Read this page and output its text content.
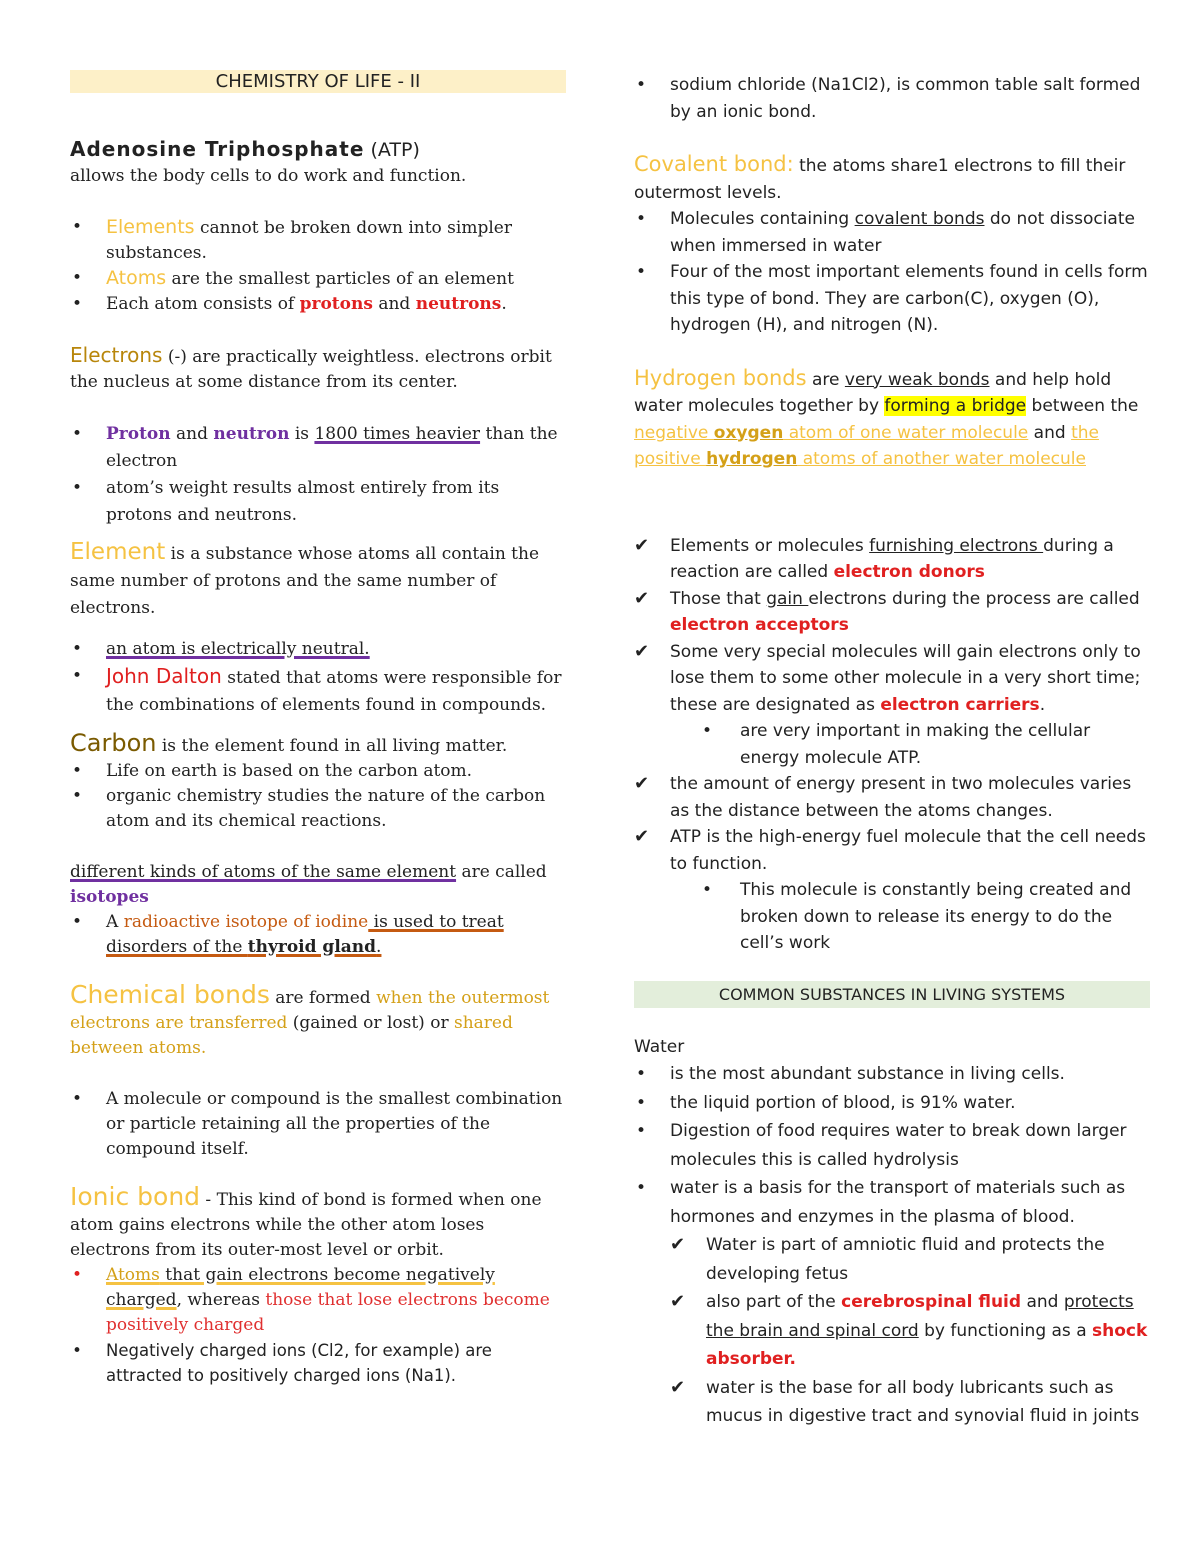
CHEMISTRY OF LIFE - II

Adenosine Triphosphate (ATP)

allows the body cells to do work and function.

• Elements cannot be broken down into simpler substances.
• Atoms are the smallest particles of an element
• Each atom consists of protons and neutrons.

Electrons (-) are practically weightless. electrons orbit the nucleus at some distance from its center.

• Proton and neutron is 1800 times heavier than the electron
• atom’s weight results almost entirely from its protons and neutrons.

Element is a substance whose atoms all contain the same number of protons and the same number of electrons.

• an atom is electrically neutral.
• John Dalton stated that atoms were responsible for the combinations of elements found in compounds.

Carbon is the element found in all living matter.

• Life on earth is based on the carbon atom.
• organic chemistry studies the nature of the carbon atom and its chemical reactions.

different kinds of atoms of the same element are called isotopes

• A radioactive isotope of iodine is used to treat disorders of the thyroid gland.

Chemical bonds are formed when the outermost electrons are transferred (gained or lost) or shared between atoms.

• A molecule or compound is the smallest combination or particle retaining all the properties of the compound itself.

Ionic bond - This kind of bond is formed when one atom gains electrons while the other atom loses electrons from its outer-most level or orbit.

• Atoms that gain electrons become negatively charged, whereas those that lose electrons become positively charged
• Negatively charged ions (Cl2, for example) are attracted to positively charged ions (Na1).
• sodium chloride (Na1Cl2), is common table salt formed by an ionic bond.

Covalent bond: the atoms share1 electrons to fill their outermost levels.

• Molecules containing covalent bonds do not dissociate when immersed in water
• Four of the most important elements found in cells form this type of bond. They are carbon(C), oxygen (O), hydrogen (H), and nitrogen (N).

Hydrogen bonds are very weak bonds and help hold water molecules together by forming a bridge between the negative oxygen atom of one water molecule and the positive hydrogen atoms of another water molecule

✔ Elements or molecules furnishing electrons during a reaction are called electron donors
✔ Those that gain electrons during the process are called electron acceptors
✔ Some very special molecules will gain electrons only to lose them to some other molecule in a very short time; these are designated as electron carriers.
• are very important in making the cellular energy molecule ATP.
✔ the amount of energy present in two molecules varies as the distance between the atoms changes.
✔ ATP is the high-energy fuel molecule that the cell needs to function.
• This molecule is constantly being created and broken down to release its energy to do the cell’s work
COMMON SUBSTANCES IN LIVING SYSTEMS

Water

• is the most abundant substance in living cells.
• the liquid portion of blood, is 91% water.
• Digestion of food requires water to break down larger molecules this is called hydrolysis
• water is a basis for the transport of materials such as hormones and enzymes in the plasma of blood.
✔ Water is part of amniotic fluid and protects the developing fetus
✔ also part of the cerebrospinal fluid and protects the brain and spinal cord by functioning as a shock absorber.
✔ water is the base for all body lubricants such as mucus in digestive tract and synovial fluid in joints
